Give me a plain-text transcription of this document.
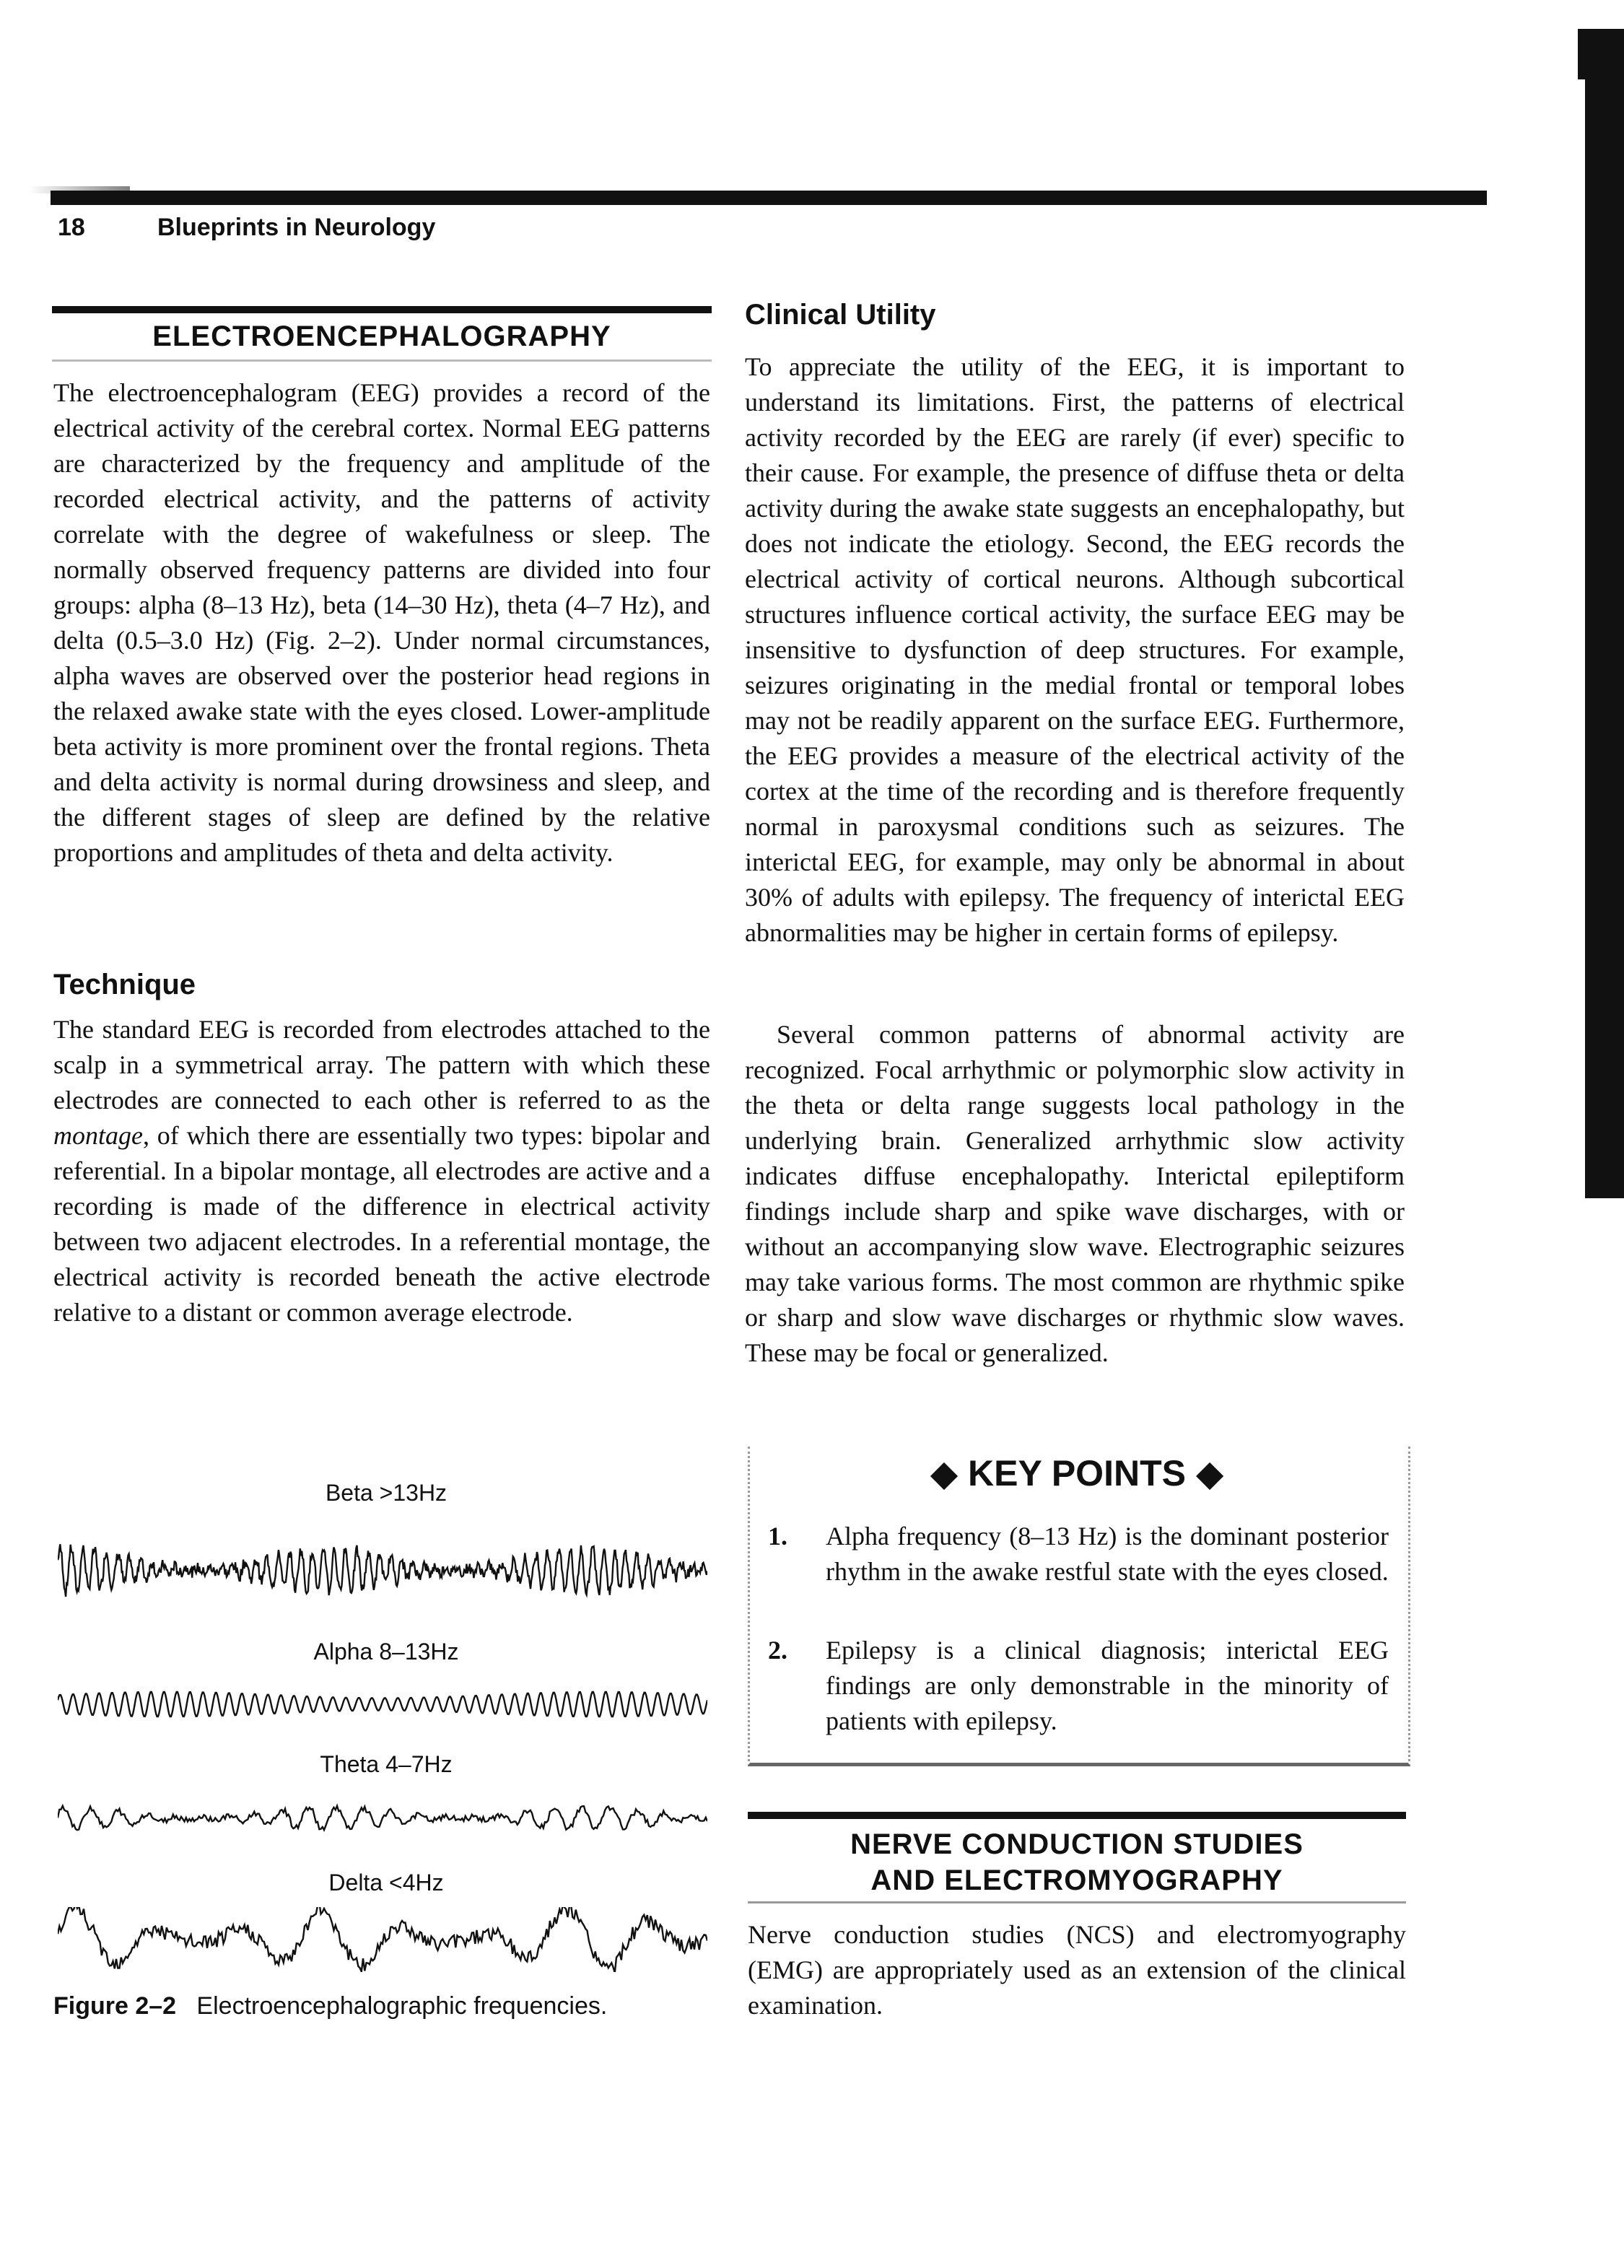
18	Blueprints in Neurology
ELECTROENCEPHALOGRAPHY
The electroencephalogram (EEG) provides a record of the electrical activity of the cerebral cortex. Normal EEG patterns are characterized by the frequency and amplitude of the recorded electrical activity, and the patterns of activity correlate with the degree of wakefulness or sleep. The normally observed frequency patterns are divided into four groups: alpha (8–13 Hz), beta (14–30 Hz), theta (4–7 Hz), and delta (0.5–3.0 Hz) (Fig. 2–2). Under normal circumstances, alpha waves are observed over the posterior head regions in the relaxed awake state with the eyes closed. Lower-amplitude beta activity is more prominent over the frontal regions. Theta and delta activity is normal during drowsiness and sleep, and the different stages of sleep are defined by the relative proportions and amplitudes of theta and delta activity.
Technique
The standard EEG is recorded from electrodes attached to the scalp in a symmetrical array. The pattern with which these electrodes are connected to each other is referred to as the montage, of which there are essentially two types: bipolar and referential. In a bipolar montage, all electrodes are active and a recording is made of the difference in electrical activity between two adjacent electrodes. In a referential montage, the electrical activity is recorded beneath the active electrode relative to a distant or common average electrode.
Beta >13Hz
Alpha 8–13Hz
Theta 4–7Hz
Delta <4Hz
Figure 2–2 Electroencephalographic frequencies.
Clinical Utility
To appreciate the utility of the EEG, it is important to understand its limitations. First, the patterns of electrical activity recorded by the EEG are rarely (if ever) specific to their cause. For example, the presence of diffuse theta or delta activity during the awake state suggests an encephalopathy, but does not indicate the etiology. Second, the EEG records the electrical activity of cortical neurons. Although subcortical structures influence cortical activity, the surface EEG may be insensitive to dysfunction of deep structures. For example, seizures originating in the medial frontal or temporal lobes may not be readily apparent on the surface EEG. Furthermore, the EEG provides a measure of the electrical activity of the cortex at the time of the recording and is therefore frequently normal in paroxysmal conditions such as seizures. The interictal EEG, for example, may only be abnormal in about 30% of adults with epilepsy. The frequency of interictal EEG abnormalities may be higher in certain forms of epilepsy.
Several common patterns of abnormal activity are recognized. Focal arrhythmic or polymorphic slow activity in the theta or delta range suggests local pathology in the underlying brain. Generalized arrhythmic slow activity indicates diffuse encephalopathy. Interictal epileptiform findings include sharp and spike wave discharges, with or without an accompanying slow wave. Electrographic seizures may take various forms. The most common are rhythmic spike or sharp and slow wave discharges or rhythmic slow waves. These may be focal or generalized.
◆ KEY POINTS ◆
1. Alpha frequency (8–13 Hz) is the dominant posterior rhythm in the awake restful state with the eyes closed.
2. Epilepsy is a clinical diagnosis; interictal EEG findings are only demonstrable in the minority of patients with epilepsy.
NERVE CONDUCTION STUDIES
AND ELECTROMYOGRAPHY
Nerve conduction studies (NCS) and electromyography (EMG) are appropriately used as an extension of the clinical examination.
